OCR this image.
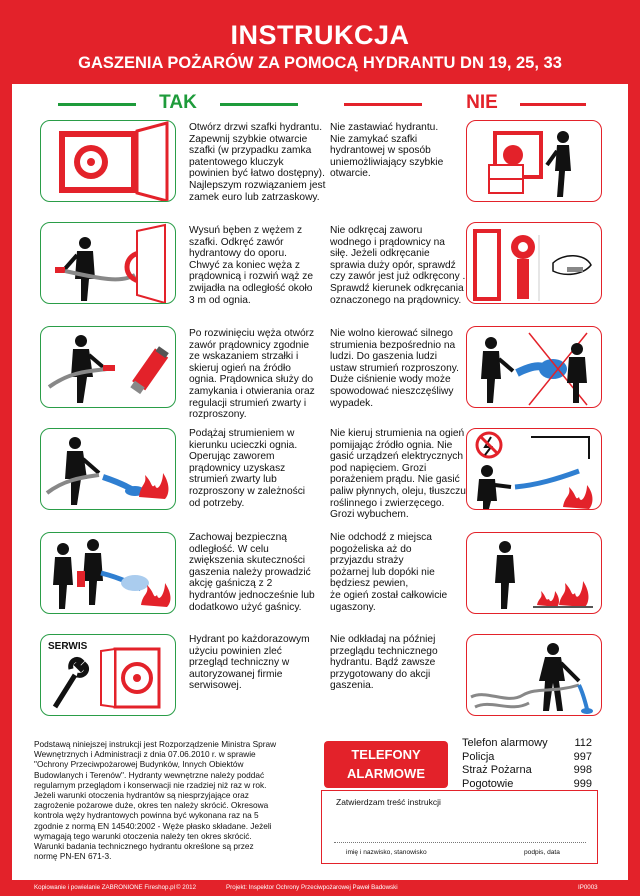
INSTRUKCJA
GASZENIA POŻARÓW ZA POMOCĄ HYDRANTU DN 19, 25, 33
TAK	NIE
Otwórz drzwi szafki hydrantu.
Zapewnij szybkie otwarcie
szafki (w przypadku zamka
patentowego kluczyk
powinien być łatwo dostępny).
Najlepszym rozwiązaniem jest
zamek euro lub zatrzaskowy.
Nie zastawiać hydrantu.
Nie zamykać szafki
hydrantowej w sposób
uniemożliwiający szybkie
otwarcie.
Wysuń bęben z wężem z
szafki. Odkręć zawór
hydrantowy do oporu.
Chwyć za koniec węża z
prądownicą i rozwiń wąż ze
zwijadła na odległość około
3 m od ognia.
Nie odkręcaj zaworu
wodnego i prądownicy na
siłę. Jeżeli odkręcanie
sprawia duży opór, sprawdź
czy zawór jest już odkręcony .
Sprawdź kierunek odkręcania
oznaczonego na prądownicy.
Po rozwinięciu węża otwórz
zawór prądownicy zgodnie
ze wskazaniem strzałki i
skieruj ogień na źródło
ognia. Prądownica służy do
zamykania i otwierania oraz
regulacji strumień zwarty i
rozproszony.
Nie wolno kierować silnego
strumienia bezpośrednio na
ludzi. Do gaszenia ludzi
ustaw strumień rozproszony.
Duże ciśnienie wody może
spowodować nieszczęśliwy
wypadek.
Podążaj strumieniem w
kierunku ucieczki ognia.
Operując zaworem
prądownicy uzyskasz
strumień zwarty lub
rozproszony w zależności
od potrzeby.
Nie kieruj strumienia na ogień
pomijając źródło ognia. Nie
gasić urządzeń elektrycznych
pod napięciem. Grozi
porażeniem prądu. Nie gasić
paliw płynnych, oleju, tłuszczu
roślinnego i zwierzęcego.
Grozi wybuchem.
Zachowaj bezpieczną
odległość. W celu
zwiększenia skuteczności
gaszenia należy prowadzić
akcję gaśniczą z 2
hydrantów jednocześnie lub
dodatkowo użyć gaśnicy.
Nie odchodź z miejsca
pogożeliska aż do
przyjazdu straży
pożarnej lub dopóki nie
będziesz pewien,
że ogień został całkowicie
ugaszony.
SERWIS
Hydrant po każdorazowym
użyciu powinien zleć
przegląd techniczny w
autoryzowanej firmie
serwisowej.
Nie odkładaj na później
przeglądu technicznego
hydrantu. Bądź zawsze
przygotowany do akcji
gaszenia.
Podstawą niniejszej instrukcji jest Rozporządzenie Ministra Spraw
Wewnętrznych i Administracji z dnia 07.06.2010 r. w sprawie
"Ochrony Przeciwpożarowej Budynków, Innych Obiektów
Budowlanych i Terenów". Hydranty wewnętrzne należy poddać
regularnym przeglądom i konserwacji nie rzadziej niż raz w rok.
Jeżeli warunki otoczenia hydrantów są niesprzyjające oraz
zagrożenie pożarowe duże, okres ten należy skrócić. Okresowa
kontrola węży hydrantowych powinna być wykonana raz na 5
zgodnie z normą EN 14540:2002 - Węże płasko składane. Jeżeli
wymagają tego warunki otoczenia należy ten okres skrócić.
Warunki badania technicznego hydrantu określone są przez
normę PN-EN 671-3.
TELEFONY
ALARMOWE
Telefon alarmowy 112
Policja	997
Straż Pożarna	998
Pogotowie	999
Zatwierdzam treść instrukcji
imię i nazwisko, stanowisko	podpis, data
Kopiowanie i powielanie ZABRONIONE Fireshop.pl © 2012	Projekt: Inspektor Ochrony Przeciwpożarowej Paweł Badowski	IP0003
